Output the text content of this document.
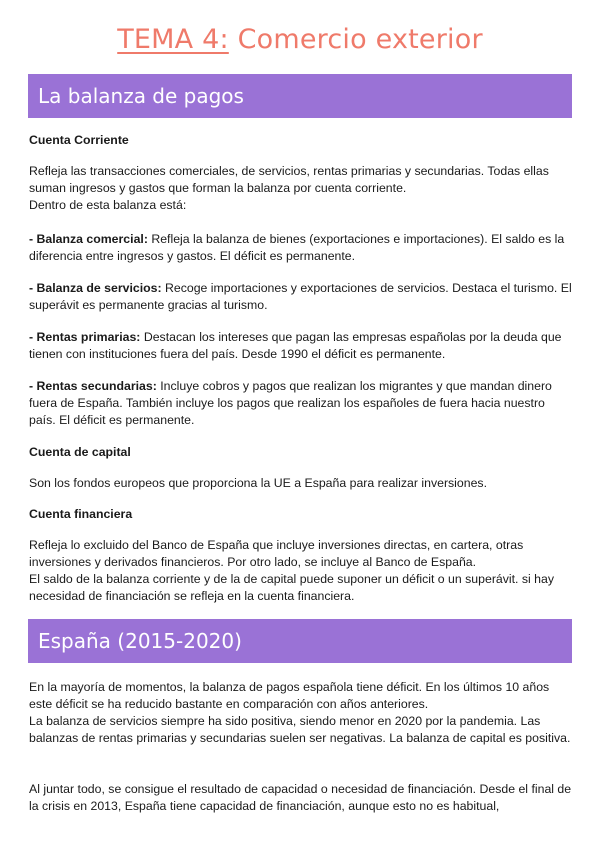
TEMA 4: Comercio exterior
La balanza de pagos

Cuenta Corriente

Refleja las transacciones comerciales, de servicios, rentas primarias y secundarias. Todas ellas suman ingresos y gastos que forman la balanza por cuenta corriente.
Dentro de esta balanza está:

- Balanza comercial: Refleja la balanza de bienes (exportaciones e importaciones). El saldo es la diferencia entre ingresos y gastos. El déficit es permanente.

- Balanza de servicios: Recoge importaciones y exportaciones de servicios. Destaca el turismo. El superávit es permanente gracias al turismo.

- Rentas primarias: Destacan los intereses que pagan las empresas españolas por la deuda que tienen con instituciones fuera del país. Desde 1990 el déficit es permanente.

- Rentas secundarias: Incluye cobros y pagos que realizan los migrantes y que mandan dinero fuera de España. También incluye los pagos que realizan los españoles de fuera hacia nuestro país. El déficit es permanente.

Cuenta de capital

Son los fondos europeos que proporciona la UE a España para realizar inversiones.

Cuenta financiera

Refleja lo excluido del Banco de España que incluye inversiones directas, en cartera, otras inversiones y derivados financieros. Por otro lado, se incluye al Banco de España.
El saldo de la balanza corriente y de la de capital puede suponer un déficit o un superávit. si hay necesidad de financiación se refleja en la cuenta financiera.

España (2015-2020)

En la mayoría de momentos, la balanza de pagos española tiene déficit. En los últimos 10 años este déficit se ha reducido bastante en comparación con años anteriores.
La balanza de servicios siempre ha sido positiva, siendo menor en 2020 por la pandemia. Las balanzas de rentas primarias y secundarias suelen ser negativas. La balanza de capital es positiva.

Al juntar todo, se consigue el resultado de capacidad o necesidad de financiación. Desde el final de la crisis en 2013, España tiene capacidad de financiación, aunque esto no es habitual,
